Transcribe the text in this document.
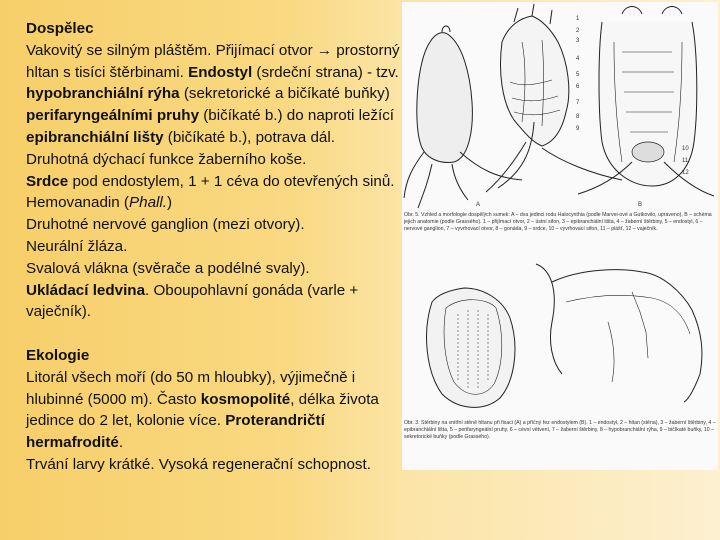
Dospělec

Vakovitý se silným pláštěm. Přijímací otvor → prostorný hltan s tisíci štěrbinami. Endostyl (srdeční strana) - tzv. hypobranchiální rýha (sekretorické a bičíkaté buňky) perifaryngeálními pruhy (bičíkaté b.) do naproti ležící epibranchiální lišty (bičíkaté b.), potrava dál.

Druhotná dýchací funkce žaberního koše.

Srdce pod endostylem, 1 + 1 céva do otevřených sinů. Hemovanadin (Phall.)

Druhotné nervové ganglion (mezi otvory).

Neurální žláza.

Svalová vlákna (svěrače a podélné svaly).

Ukládací ledvina. Oboupohlavní gonáda (varle + vaječník).

Ekologie

Litorál všech moří (do 50 m hloubky), výjimečně i hlubinné (5000 m). Často kosmopolité, délka života jedince do 2 let, kolonie více. Proterandričtí hermafrodité.

Trvání larvy krátké. Vysoká regenerační schopnost.

1
2
3
4
5
6
7
8
9
10
11
12
A	B
Obr. 5. Vzhled a morfologie dospělých sumek: A – dva jedinci rodu Halocynthia (podle Marvei-ové a Gutkovilo, upraveno), B – schéma jejich anatomie (podle Grassého). 1 – přijímací otvor, 2 – ústní sifon, 3 – epibranchiální lišta, 4 – žaberní štěrbiny, 5 – endostyl, 6 – nervové ganglion, 7 – vyvrhovací otvor, 8 – gonáda, 9 – srdce, 10 – vyvrhovací sifon, 11 – plášť, 12 – vaječník.
Obr. 3. Štěrbiny na vnitřní stěně hltanu při fixaci (A) a příčný řez endostylem (B). 1 – endostyl, 2 – hltan (stěna), 3 – žaberní štěrbiny, 4 – epibranchiální lišta, 5 – perifaryngeální pruhy, 6 – cévní větvení, 7 – žaberní štěrbiny, 8 – hypobranchiální rýha, 9 – bičíkaté buňky, 10 – sekretorické buňky (podle Grassého).
